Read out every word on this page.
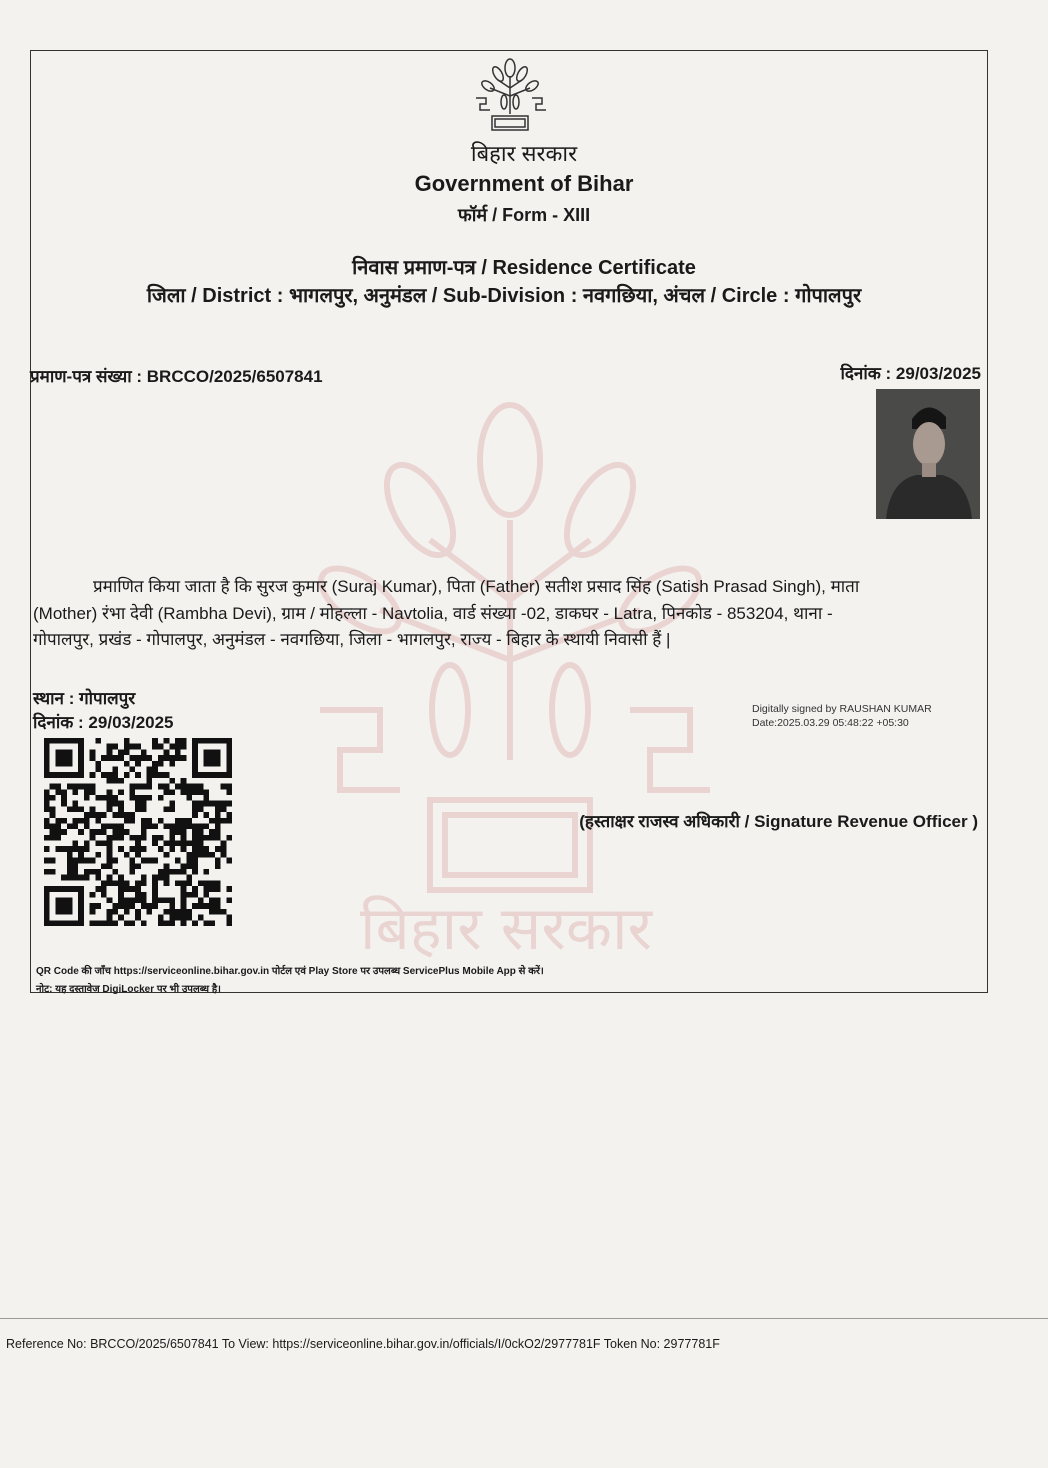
बिहार सरकार
बिहार सरकार
Government of Bihar
फॉर्म / Form - XIII
निवास प्रमाण-पत्र / Residence Certificate
जिला / District : भागलपुर, अनुमंडल / Sub-Division : नवगछिया, अंचल / Circle : गोपालपुर
प्रमाण-पत्र संख्या : BRCCO/2025/6507841	दिनांक : 29/03/2025
प्रमाणित किया जाता है कि सुरज कुमार (Suraj Kumar), पिता (Father) सतीश प्रसाद सिंह (Satish Prasad Singh), माता
(Mother) रंभा देवी (Rambha Devi), ग्राम / मोहल्ला - Navtolia, वार्ड संख्या -02, डाकघर - Latra, पिनकोड - 853204, थाना -
गोपालपुर, प्रखंड - गोपालपुर, अनुमंडल - नवगछिया, जिला - भागलपुर, राज्य - बिहार के स्थायी निवासी हैं |
स्थान : गोपालपुर
दिनांक : 29/03/2025
Digitally signed by RAUSHAN KUMAR
Date:2025.03.29 05:48:22 +05:30
(हस्ताक्षर राजस्व अधिकारी / Signature Revenue Officer )
QR Code की जाँच https://serviceonline.bihar.gov.in पोर्टल एवं Play Store पर उपलब्ध ServicePlus Mobile App से करें।
नोट: यह दस्तावेज DigiLocker पर भी उपलब्ध है।
Reference No: BRCCO/2025/6507841 To View: https://serviceonline.bihar.gov.in/officials/I/0ckO2/2977781F Token No: 2977781F
